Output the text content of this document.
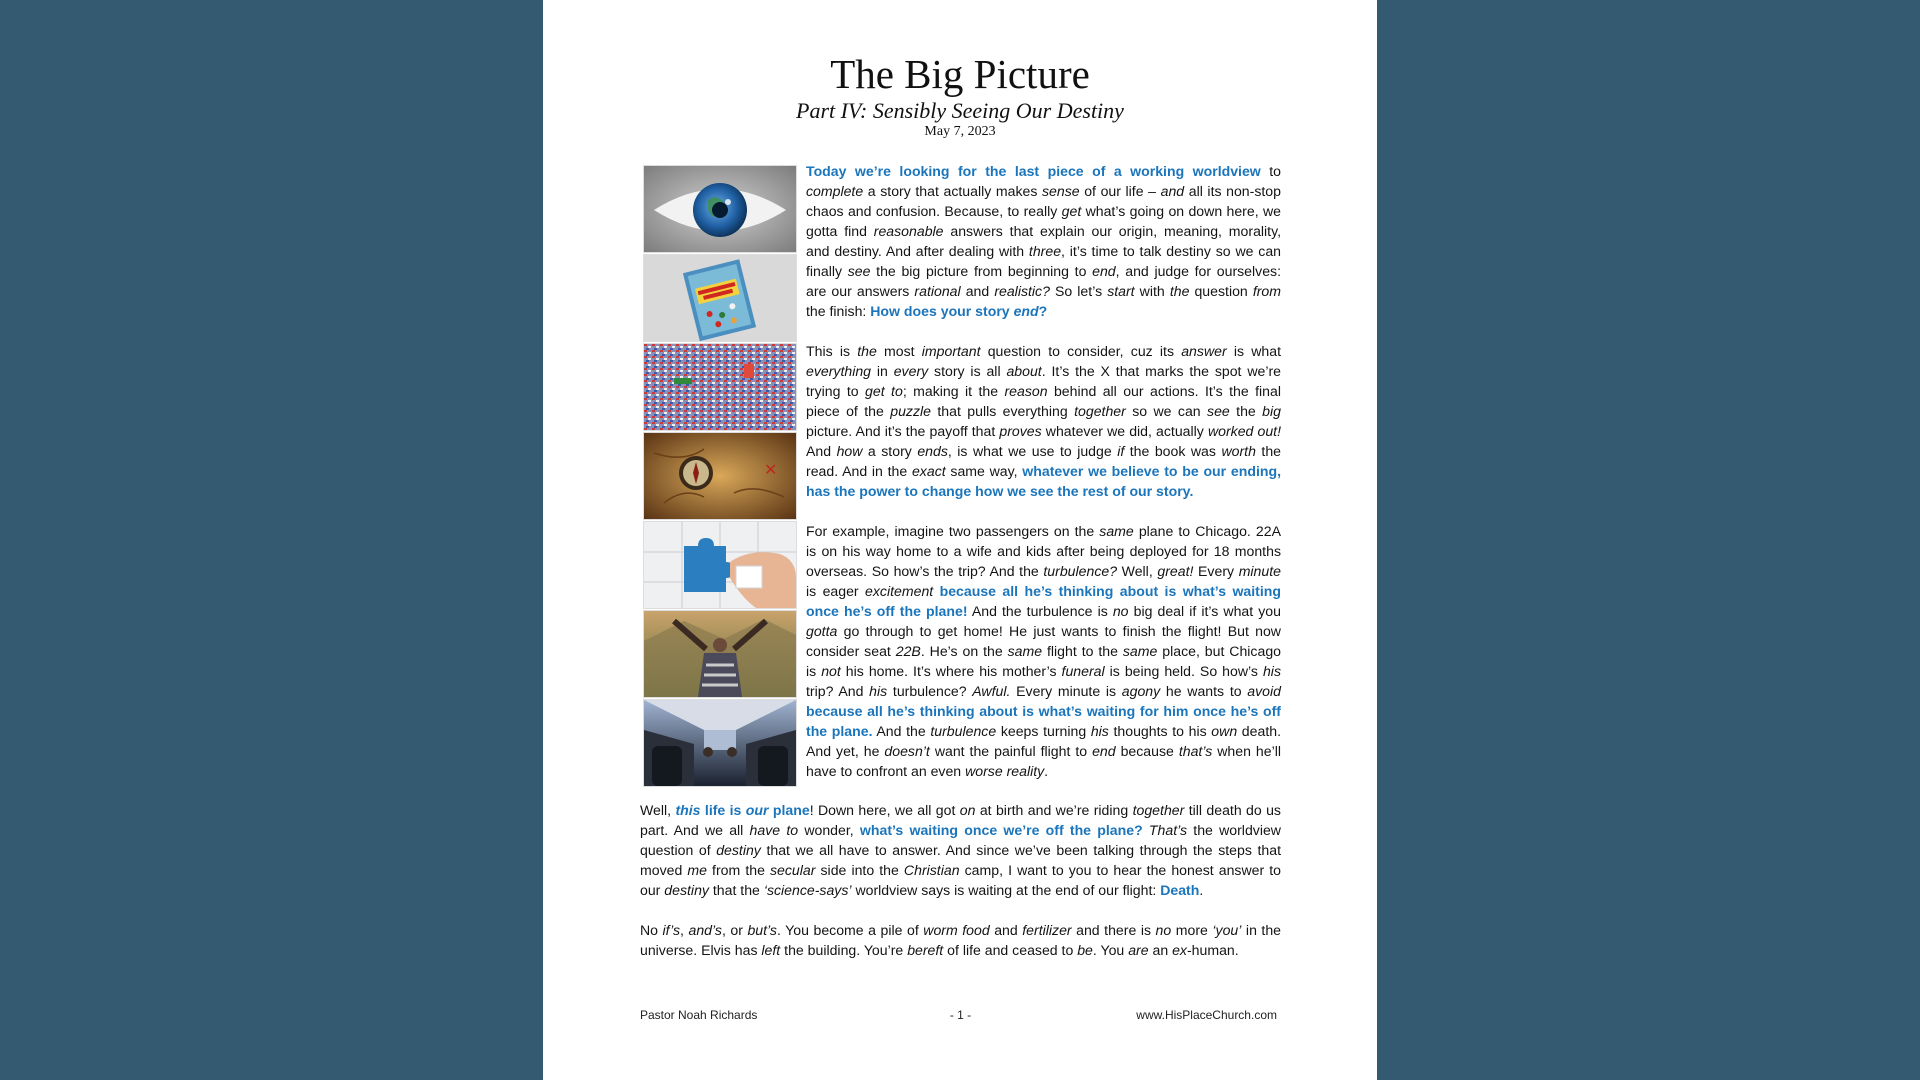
The Big Picture
Part IV: Sensibly Seeing Our Destiny
May 7, 2023
✕

Today we’re looking for the last piece of a working worldview to complete a story that actually makes sense of our life – and all its non-stop chaos and confusion. Because, to really get what’s going on down here, we gotta find reasonable answers that explain our origin, meaning, morality, and destiny. And after dealing with three, it’s time to talk destiny so we can finally see the big picture from beginning to end, and judge for ourselves: are our answers rational and realistic? So let’s start with the question from the finish: How does your story end?

This is the most important question to consider, cuz its answer is what everything in every story is all about. It’s the X that marks the spot we’re trying to get to; making it the reason behind all our actions. It’s the final piece of the puzzle that pulls everything together so we can see the big picture. And it’s the payoff that proves whatever we did, actually worked out! And how a story ends, is what we use to judge if the book was worth the read. And in the exact same way, whatever we believe to be our ending, has the power to change how we see the rest of our story.

For example, imagine two passengers on the same plane to Chicago. 22A is on his way home to a wife and kids after being deployed for 18 months overseas. So how’s the trip? And the turbulence? Well, great! Every minute is eager excitement because all he’s thinking about is what’s waiting once he’s off the plane! And the turbulence is no big deal if it’s what you gotta go through to get home! He just wants to finish the flight! But now consider seat 22B. He’s on the same flight to the same place, but Chicago is not his home. It’s where his mother’s funeral is being held. So how’s his trip? And his turbulence? Awful. Every minute is agony he wants to avoid because all he’s thinking about is what’s waiting for him once he’s off the plane. And the turbulence keeps turning his thoughts to his own death. And yet, he doesn’t want the painful flight to end because that’s when he’ll have to confront an even worse reality.

Well, this life is our plane! Down here, we all got on at birth and we’re riding together till death do us part. And we all have to wonder, what’s waiting once we’re off the plane? That’s the worldview question of destiny that we all have to answer. And since we’ve been talking through the steps that moved me from the secular side into the Christian camp, I want to you to hear the honest answer to our destiny that the ‘science-says’ worldview says is waiting at the end of our flight: Death.

No if’s, and’s, or but’s. You become a pile of worm food and fertilizer and there is no more ‘you’ in the universe. Elvis has left the building. You’re bereft of life and ceased to be. You are an ex-human.

Pastor Noah Richards	- 1 -	www.HisPlaceChurch.com
